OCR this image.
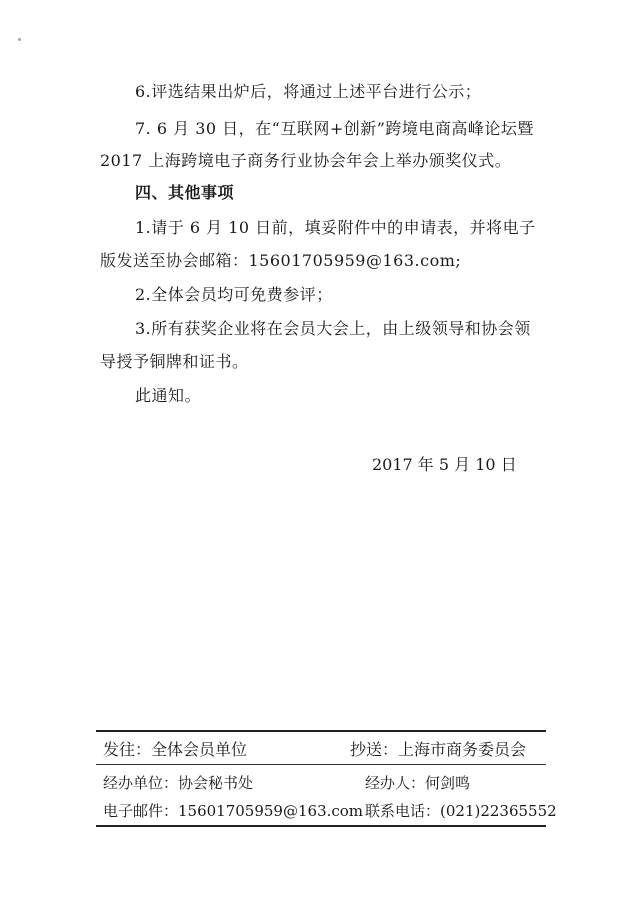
6.评选结果出炉后，将通过上述平台进行公示；
7. 6 月 30 日，在“互联网+创新”跨境电商高峰论坛暨
2017 上海跨境电子商务行业协会年会上举办颁奖仪式。
四、其他事项
1.请于 6 月 10 日前，填妥附件中的申请表，并将电子
版发送至协会邮箱：15601705959@163.com;
2.全体会员均可免费参评；
3.所有获奖企业将在会员大会上，由上级领导和协会领
导授予铜牌和证书。
此通知。
2017 年 5 月 10 日
发往：全体会员单位	抄送：上海市商务委员会
经办单位：协会秘书处	经办人：何剑鸣
电子邮件：15601705959@163.com 联系电话：(021)22365552
